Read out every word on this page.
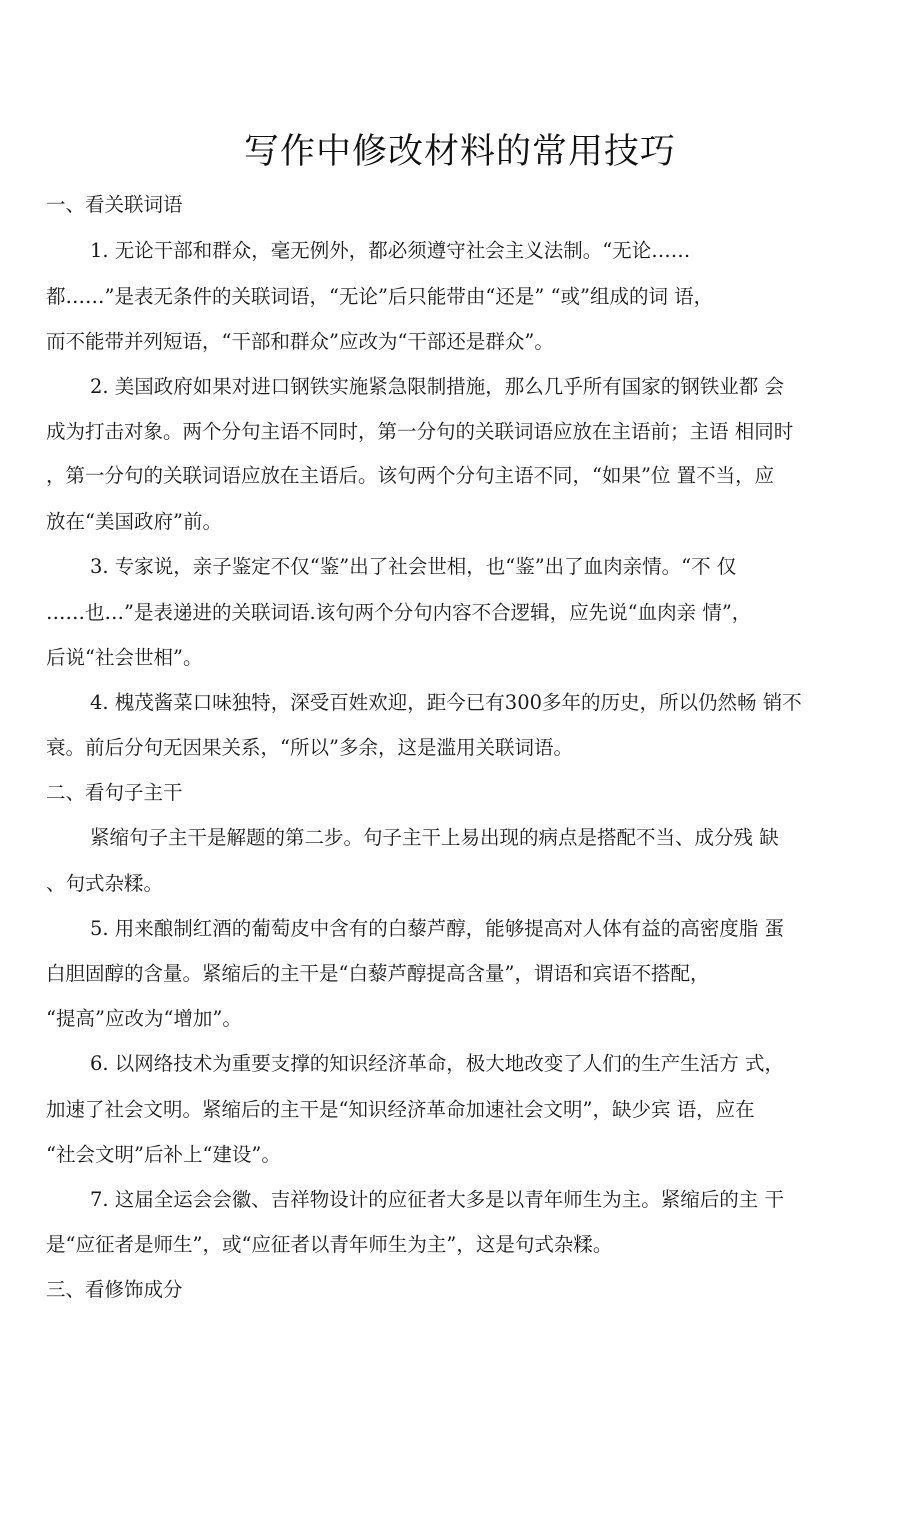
写作中修改材料的常用技巧
一、看关联词语
1. 无论干部和群众，毫无例外，都必须遵守社会主义法制。“无论……
都……”是表无条件的关联词语，“无论”后只能带由“还是” “或”组成的词 语，
而不能带并列短语，“干部和群众”应改为“干部还是群众”。
2. 美国政府如果对进口钢铁实施紧急限制措施，那么几乎所有国家的钢铁业都 会
成为打击对象。两个分句主语不同时，第一分句的关联词语应放在主语前；主语 相同时
，第一分句的关联词语应放在主语后。该句两个分句主语不同，“如果”位 置不当，应
放在“美国政府”前。
3. 专家说，亲子鉴定不仅“鉴”出了社会世相，也“鉴”出了血肉亲情。“不 仅
……也…”是表递进的关联词语.该句两个分句内容不合逻辑，应先说“血肉亲 情”，
后说“社会世相”。
4. 槐茂酱菜口味独特，深受百姓欢迎，距今已有300多年的历史，所以仍然畅 销不
衰。前后分句无因果关系，“所以”多余，这是滥用关联词语。
二、看句子主干
紧缩句子主干是解题的第二步。句子主干上易出现的病点是搭配不当、成分残 缺
、句式杂糅。
5. 用来酿制红酒的葡萄皮中含有的白藜芦醇，能够提高对人体有益的高密度脂 蛋
白胆固醇的含量。紧缩后的主干是“白藜芦醇提高含量”，谓语和宾语不搭配，
“提高”应改为“增加”。
6. 以网络技术为重要支撑的知识经济革命，极大地改变了人们的生产生活方 式，
加速了社会文明。紧缩后的主干是“知识经济革命加速社会文明”，缺少宾 语，应在
“社会文明”后补上“建设”。
7. 这届全运会会徽、吉祥物设计的应征者大多是以青年师生为主。紧缩后的主 干
是“应征者是师生”，或“应征者以青年师生为主”，这是句式杂糅。
三、看修饰成分
